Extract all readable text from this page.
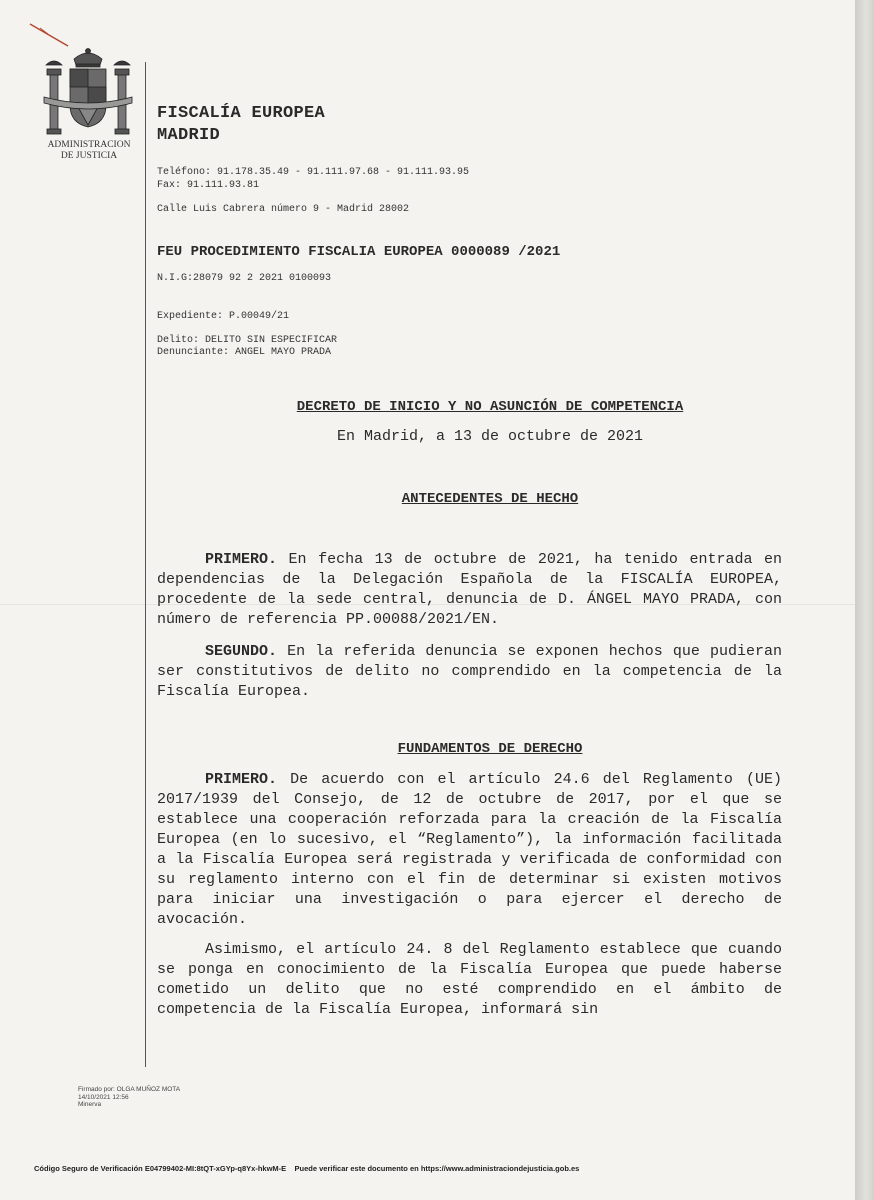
ADMINISTRACION
DE JUSTICIA
FISCALÍA EUROPEA
MADRID
Teléfono: 91.178.35.49 - 91.111.97.68 - 91.111.93.95
Fax: 91.111.93.81
Calle Luis Cabrera número 9 - Madrid 28002
FEU PROCEDIMIENTO FISCALIA EUROPEA 0000089 /2021
N.I.G:28079 92 2 2021 0100093
Expediente: P.00049/21
Delito: DELITO SIN ESPECIFICAR
Denunciante: ANGEL MAYO PRADA
DECRETO DE INICIO Y NO ASUNCIÓN DE COMPETENCIA
En Madrid, a 13 de octubre de 2021
ANTECEDENTES DE HECHO
PRIMERO. En fecha 13 de octubre de 2021, ha tenido entrada en dependencias de la Delegación Española de la FISCALÍA EUROPEA, procedente de la sede central, denuncia de D. ÁNGEL MAYO PRADA, con número de referencia PP.00088/2021/EN.
SEGUNDO. En la referida denuncia se exponen hechos que pudieran ser constitutivos de delito no comprendido en la competencia de la Fiscalía Europea.
FUNDAMENTOS DE DERECHO
PRIMERO. De acuerdo con el artículo 24.6 del Reglamento (UE) 2017/1939 del Consejo, de 12 de octubre de 2017, por el que se establece una cooperación reforzada para la creación de la Fiscalía Europea (en lo sucesivo, el “Reglamento”), la información facilitada a la Fiscalía Europea será registrada y verificada de conformidad con su reglamento interno con el fin de determinar si existen motivos para iniciar una investigación o para ejercer el derecho de avocación.
Asimismo, el artículo 24. 8 del Reglamento establece que cuando se ponga en conocimiento de la Fiscalía Europea que puede haberse cometido un delito que no esté comprendido en el ámbito de competencia de la Fiscalía Europea, informará sin
Firmado por: OLGA MUÑOZ MOTA
14/10/2021 12:56
Minerva
Código Seguro de Verificación E04799402-MI:8tQT-xGYp-q8Yx-hkwM-E Puede verificar este documento en https://www.administraciondejusticia.gob.es
